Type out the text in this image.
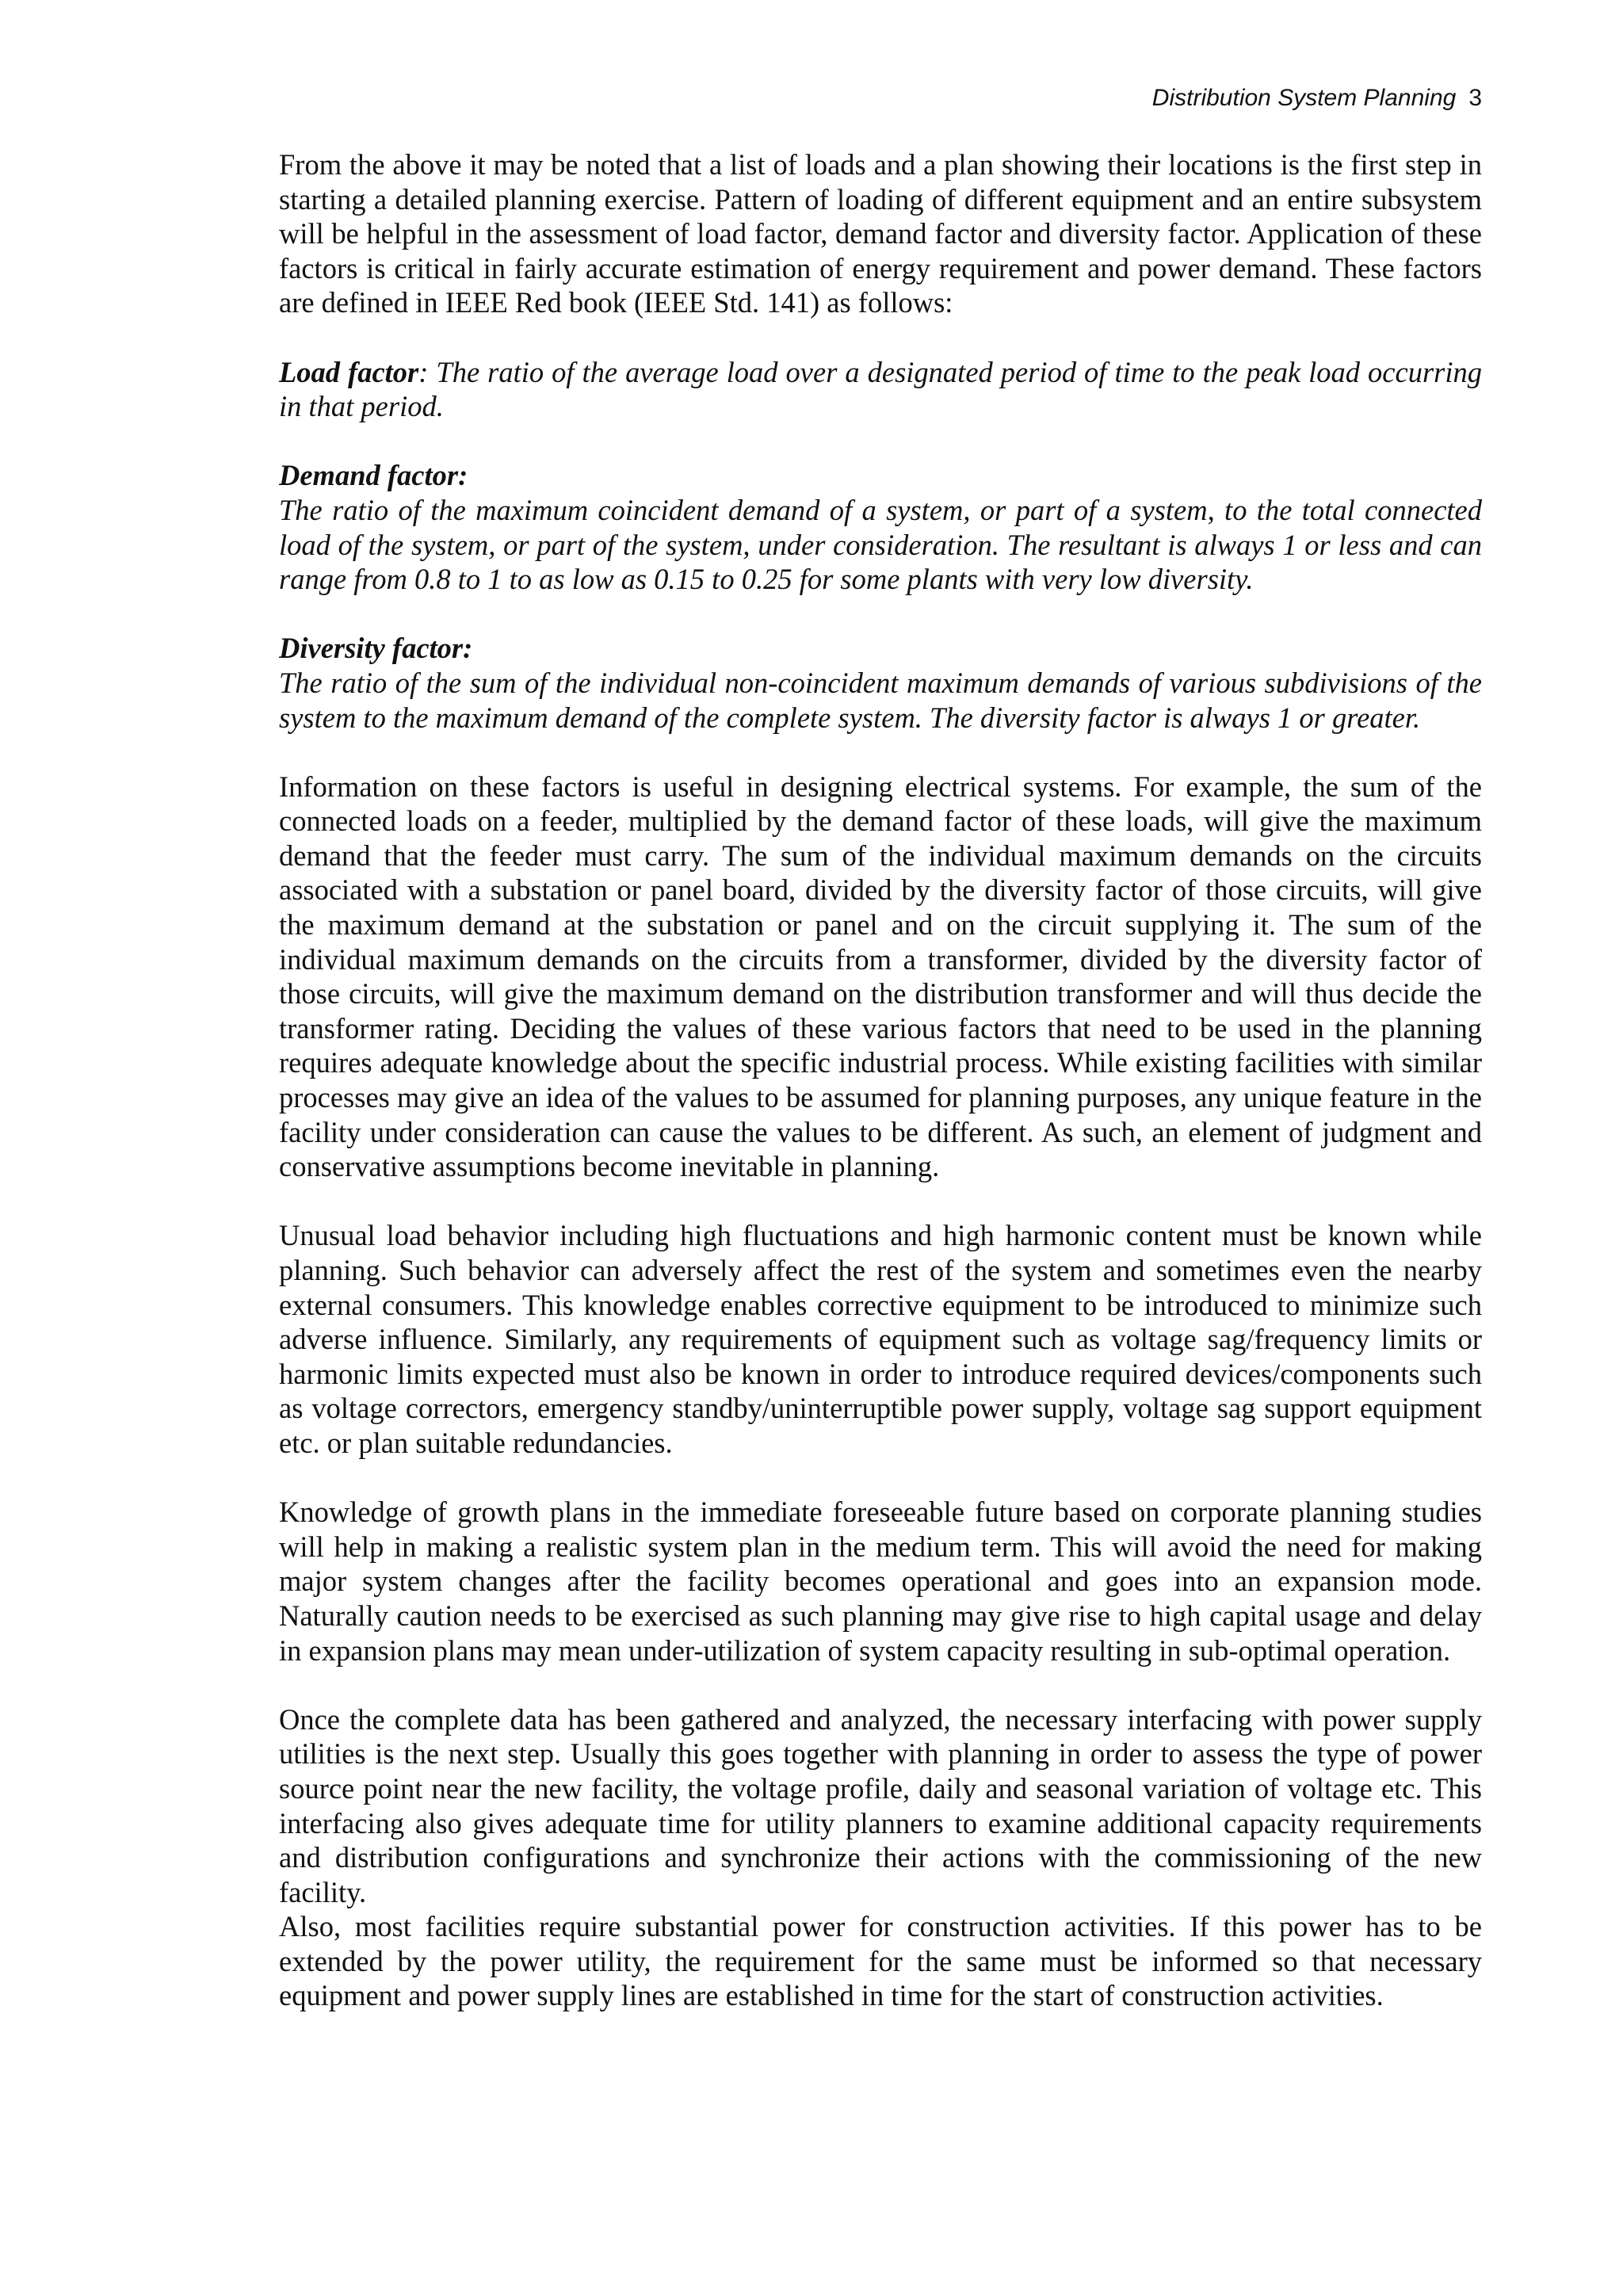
Distribution System Planning 3

From the above it may be noted that a list of loads and a plan showing their locations is the first step in starting a detailed planning exercise. Pattern of loading of different equipment and an entire subsystem will be helpful in the assessment of load factor, demand factor and diversity factor. Application of these factors is critical in fairly accurate estimation of energy requirement and power demand. These factors are defined in IEEE Red book (IEEE Std. 141) as follows:

Load factor: The ratio of the average load over a designated period of time to the peak load occurring in that period.

Demand factor:
The ratio of the maximum coincident demand of a system, or part of a system, to the total connected load of the system, or part of the system, under consideration. The resultant is always 1 or less and can range from 0.8 to 1 to as low as 0.15 to 0.25 for some plants with very low diversity.

Diversity factor:
The ratio of the sum of the individual non-coincident maximum demands of various subdivisions of the system to the maximum demand of the complete system. The diversity factor is always 1 or greater.

Information on these factors is useful in designing electrical systems. For example, the sum of the connected loads on a feeder, multiplied by the demand factor of these loads, will give the maximum demand that the feeder must carry. The sum of the individual maximum demands on the circuits associated with a substation or panel board, divided by the diversity factor of those circuits, will give the maximum demand at the substation or panel and on the circuit supplying it. The sum of the individual maximum demands on the circuits from a transformer, divided by the diversity factor of those circuits, will give the maximum demand on the distribution transformer and will thus decide the transformer rating. Deciding the values of these various factors that need to be used in the planning requires adequate knowledge about the specific industrial process. While existing facilities with similar processes may give an idea of the values to be assumed for planning purposes, any unique feature in the facility under consideration can cause the values to be different. As such, an element of judgment and conservative assumptions become inevitable in planning.

Unusual load behavior including high fluctuations and high harmonic content must be known while planning. Such behavior can adversely affect the rest of the system and sometimes even the nearby external consumers. This knowledge enables corrective equipment to be introduced to minimize such adverse influence. Similarly, any requirements of equipment such as voltage sag/frequency limits or harmonic limits expected must also be known in order to introduce required devices/components such as voltage correctors, emergency standby/uninterruptible power supply, voltage sag support equipment etc. or plan suitable redundancies.

Knowledge of growth plans in the immediate foreseeable future based on corporate planning studies will help in making a realistic system plan in the medium term. This will avoid the need for making major system changes after the facility becomes operational and goes into an expansion mode. Naturally caution needs to be exercised as such planning may give rise to high capital usage and delay in expansion plans may mean under-utilization of system capacity resulting in sub-optimal operation.

Once the complete data has been gathered and analyzed, the necessary interfacing with power supply utilities is the next step. Usually this goes together with planning in order to assess the type of power source point near the new facility, the voltage profile, daily and seasonal variation of voltage etc. This interfacing also gives adequate time for utility planners to examine additional capacity requirements and distribution configurations and synchronize their actions with the commissioning of the new facility.

Also, most facilities require substantial power for construction activities. If this power has to be extended by the power utility, the requirement for the same must be informed so that necessary equipment and power supply lines are established in time for the start of construction activities.
